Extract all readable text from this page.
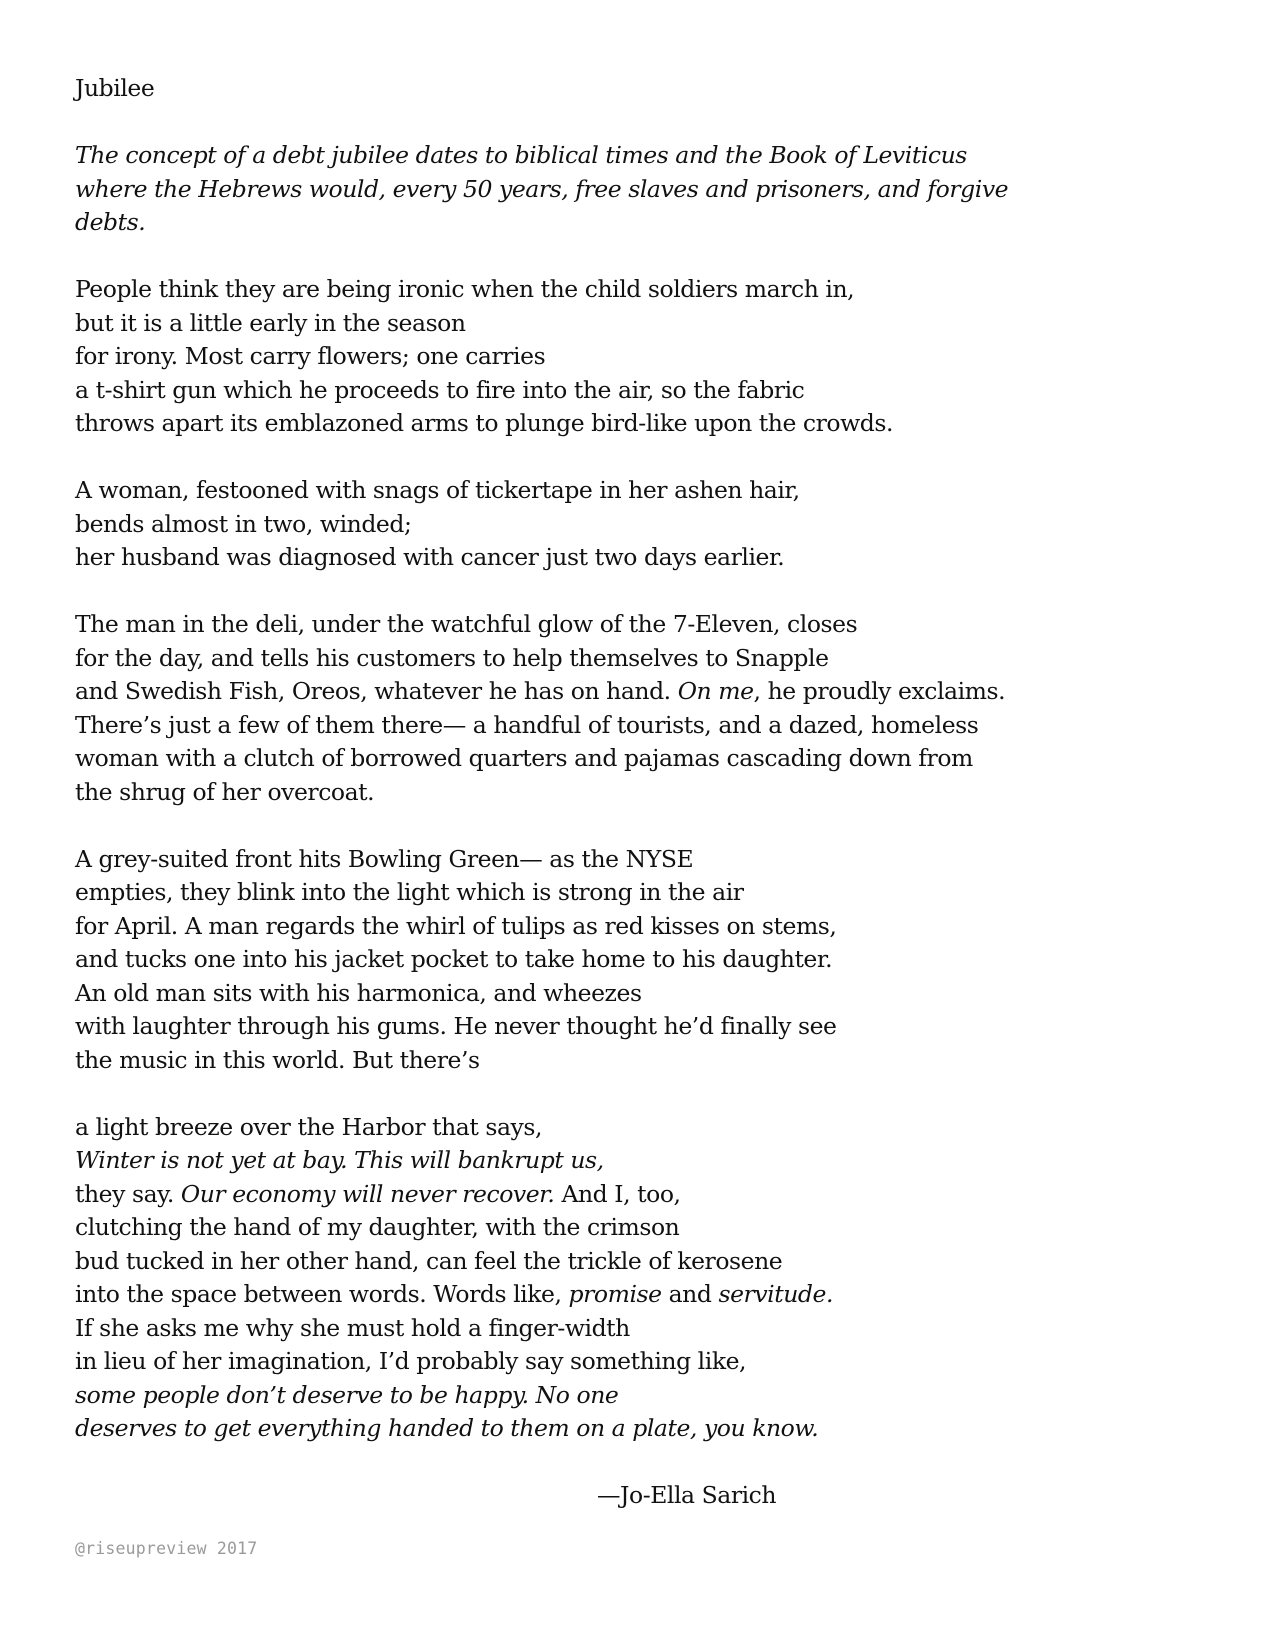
Jubilee
The concept of a debt jubilee dates to biblical times and the Book of Leviticus
where the Hebrews would, every 50 years, free slaves and prisoners, and forgive
debts.
People think they are being ironic when the child soldiers march in,
but it is a little early in the season
for irony. Most carry flowers; one carries
a t-shirt gun which he proceeds to fire into the air, so the fabric
throws apart its emblazoned arms to plunge bird-like upon the crowds.
A woman, festooned with snags of tickertape in her ashen hair,
bends almost in two, winded;
her husband was diagnosed with cancer just two days earlier.
The man in the deli, under the watchful glow of the 7-Eleven, closes
for the day, and tells his customers to help themselves to Snapple
and Swedish Fish, Oreos, whatever he has on hand. On me, he proudly exclaims.
There’s just a few of them there— a handful of tourists, and a dazed, homeless
woman with a clutch of borrowed quarters and pajamas cascading down from
the shrug of her overcoat.
A grey-suited front hits Bowling Green— as the NYSE
empties, they blink into the light which is strong in the air
for April. A man regards the whirl of tulips as red kisses on stems,
and tucks one into his jacket pocket to take home to his daughter.
An old man sits with his harmonica, and wheezes
with laughter through his gums. He never thought he’d finally see
the music in this world. But there’s
a light breeze over the Harbor that says,
Winter is not yet at bay. This will bankrupt us,
they say. Our economy will never recover. And I, too,
clutching the hand of my daughter, with the crimson
bud tucked in her other hand, can feel the trickle of kerosene
into the space between words. Words like, promise and servitude.
If she asks me why she must hold a finger-width
in lieu of her imagination, I’d probably say something like,
some people don’t deserve to be happy. No one
deserves to get everything handed to them on a plate, you know.
—Jo-Ella Sarich
@riseupreview 2017
